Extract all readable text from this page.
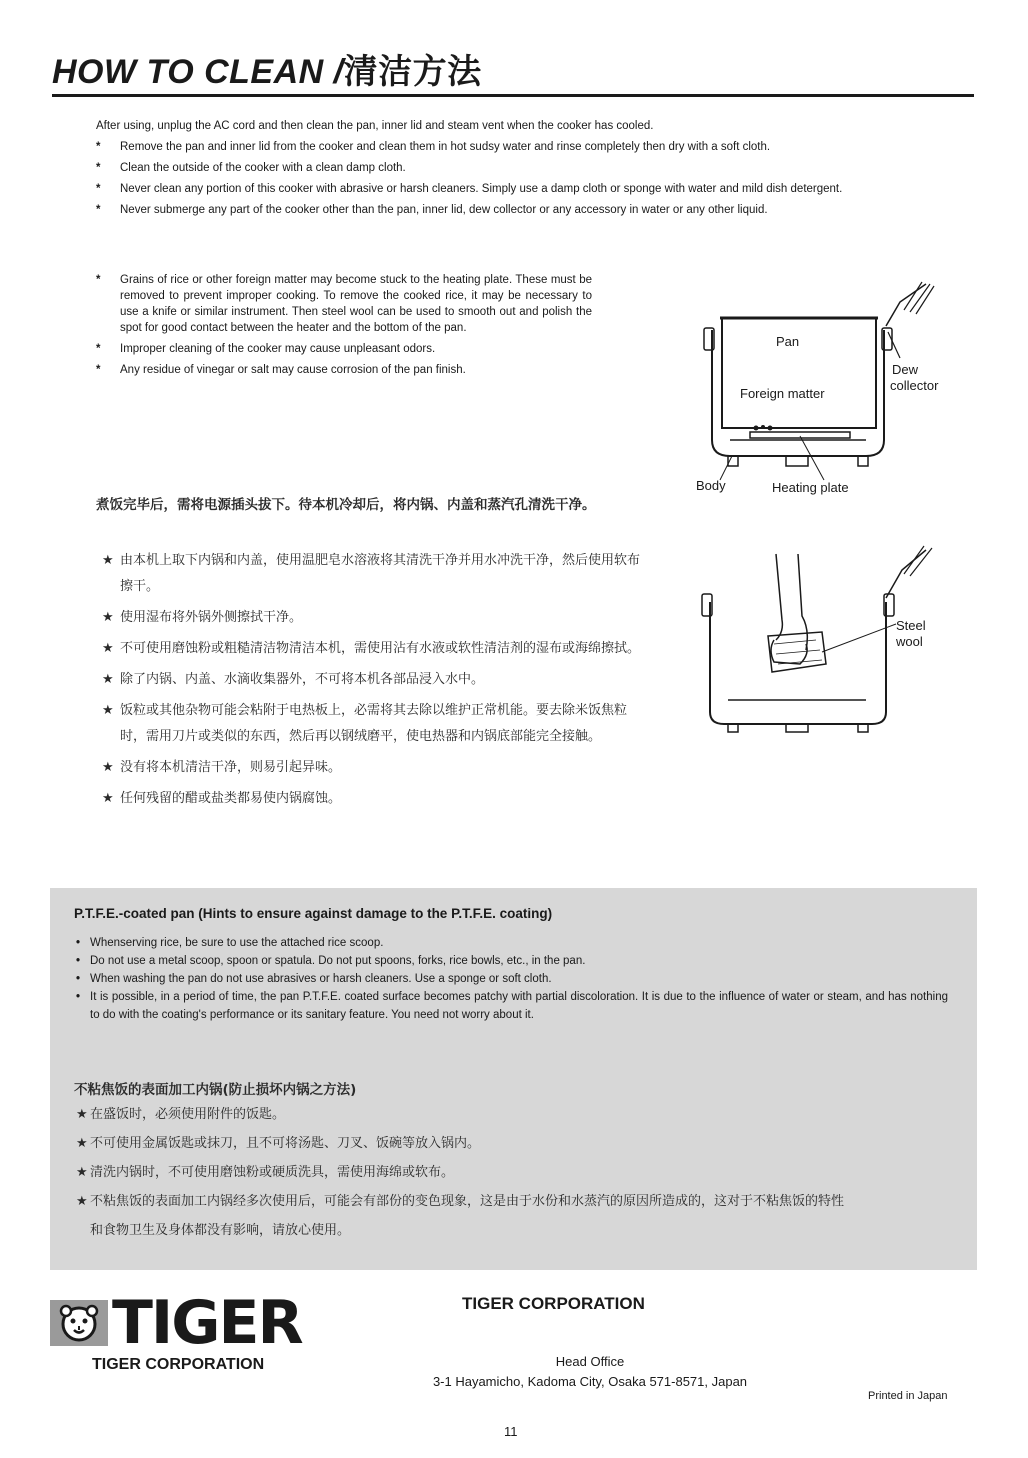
HOW TO CLEAN /清洁方法

After using, unplug the AC cord and then clean the pan, inner lid and steam vent when the cooker has cooled.

* Remove the pan and inner lid from the cooker and clean them in hot sudsy water and rinse completely then dry with a soft cloth.
* Clean the outside of the cooker with a clean damp cloth.
* Never clean any portion of this cooker with abrasive or harsh cleaners. Simply use a damp cloth or sponge with water and mild dish detergent.
* Never submerge any part of the cooker other than the pan, inner lid, dew collector or any accessory in water or any other liquid.
* Grains of rice or other foreign matter may become stuck to the heating plate. These must be removed to prevent improper cooking. To remove the cooked rice, it may be necessary to use a knife or similar instrument. Then steel wool can be used to smooth out and polish the spot for good contact between the heater and the bottom of the pan.
* Improper cleaning of the cooker may cause unpleasant odors.
* Any residue of vinegar or salt may cause corrosion of the pan finish.
Pan
Foreign matter
Dew
collector
Body	Heating plate
煮饭完毕后，需将电源插头拔下。待本机冷却后，将内锅、内盖和蒸汽孔清洗干净。
★ 由本机上取下内锅和内盖，使用温肥皂水溶液将其清洗干净并用水冲洗干净，然后使用软布擦干。
★ 使用湿布将外锅外侧擦拭干净。
★ 不可使用磨蚀粉或粗糙清洁物清洁本机，需使用沾有水液或软性清洁剂的湿布或海绵擦拭。
★ 除了内锅、内盖、水滴收集器外，不可将本机各部品浸入水中。
★ 饭粒或其他杂物可能会粘附于电热板上，必需将其去除以维护正常机能。要去除米饭焦粒时，需用刀片或类似的东西，然后再以钢绒磨平，使电热器和内锅底部能完全接触。
★ 没有将本机清洁干净，则易引起异味。
★ 任何残留的醋或盐类都易使内锅腐蚀。
Steel
wool
P.T.F.E.-coated pan (Hints to ensure against damage to the P.T.F.E. coating)
• Whenserving rice, be sure to use the attached rice scoop.
• Do not use a metal scoop, spoon or spatula. Do not put spoons, forks, rice bowls, etc., in the pan.
• When washing the pan do not use abrasives or harsh cleaners. Use a sponge or soft cloth.
• It is possible, in a period of time, the pan P.T.F.E. coated surface becomes patchy with partial discoloration. It is due to the influence of water or steam, and has nothing to do with the coating's performance or its sanitary feature. You need not worry about it.
不粘焦饭的表面加工内锅(防止损坏内锅之方法)
★ 在盛饭时，必须使用附件的饭匙。
★ 不可使用金属饭匙或抹刀，且不可将汤匙、刀叉、饭碗等放入锅内。
★ 清洗内锅时，不可使用磨蚀粉或硬质洗具，需使用海绵或软布。
★ 不粘焦饭的表面加工内锅经多次使用后，可能会有部份的变色现象，这是由于水份和水蒸汽的原因所造成的，这对于不粘焦饭的特性和食物卫生及身体都没有影响，请放心使用。
TIGER
TIGER CORPORATION
TIGER CORPORATION
Head Office
3-1 Hayamicho, Kadoma City, Osaka 571-8571, Japan
Printed in Japan
11
